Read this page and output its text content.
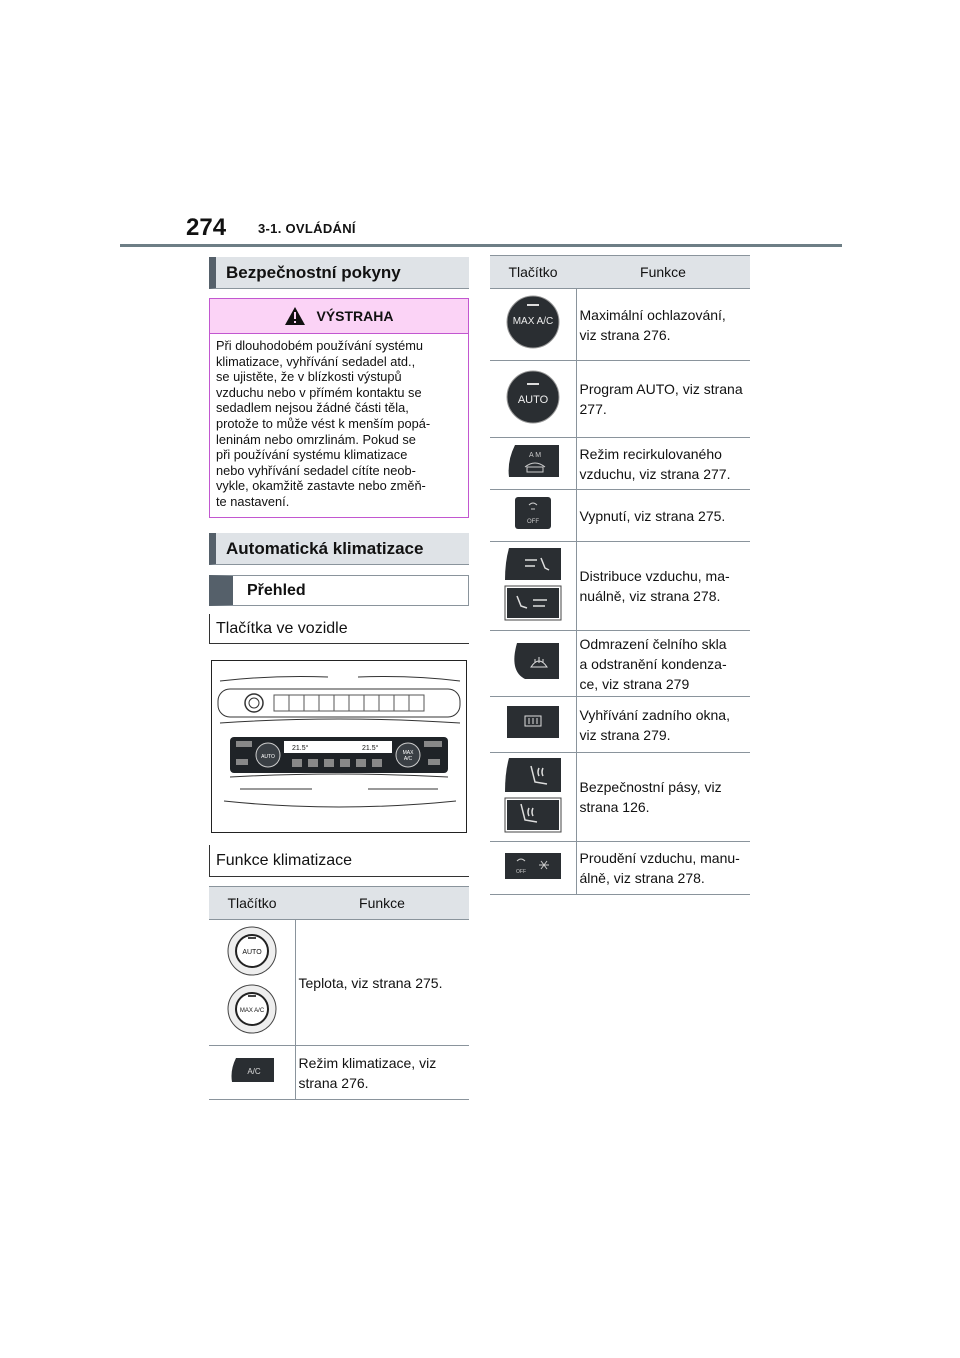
274 3-1. OVLÁDÁNÍ
Bezpečnostní pokyny
VÝSTRAHA
Při dlouhodobém používání systému
klimatizace, vyhřívání sedadel atd.,
se ujistěte, že v blízkosti výstupů
vzduchu nebo v přímém kontaktu se
sedadlem nejsou žádné části těla,
protože to může vést k menším popá-
leninám nebo omrzlinám. Pokud se
při používání systému klimatizace
nebo vyhřívání sedadel cítíte neob-
vykle, okamžitě zastavte nebo změň-
te nastavení.
Automatická klimatizace
Přehled
Tlačítka ve vozidle
AUTO
MAX
A/C
21.5°	21.5°
Funkce klimatizace
Tlačítko	Funkce

AUTO
MAX A/C	Teplota, viz strana 275.

A/C	Režim klimatizace, viz
strana 276.
Tlačítko	Funkce

MAX A/C	Maximální ochlazování,
viz strana 276.

AUTO	Program AUTO, viz strana
277.

A M	Režim recirkulovaného
vzduchu, viz strana 277.

OFF	Vypnutí, viz strana 275.

Distribuce vzduchu, ma-
nuálně, viz strana 278.

Odmrazení čelního skla
a odstranění kondenza-
ce, viz strana 279

Vyhřívání zadního okna,
viz strana 279.

Bezpečnostní pásy, viz
strana 126.

OFF	Proudění vzduchu, manu-
álně, viz strana 278.
